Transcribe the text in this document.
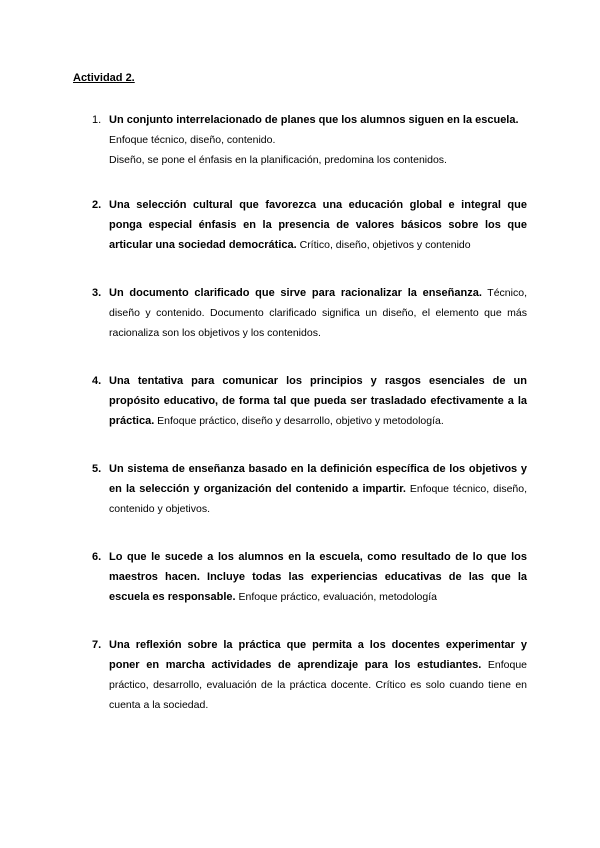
Actividad 2.
1. Un conjunto interrelacionado de planes que los alumnos siguen en la escuela.
Enfoque técnico, diseño, contenido.
Diseño, se pone el énfasis en la planificación, predomina los contenidos.
2. Una selección cultural que favorezca una educación global e integral que ponga especial énfasis en la presencia de valores básicos sobre los que articular una sociedad democrática. Crítico, diseño, objetivos y contenido
3. Un documento clarificado que sirve para racionalizar la enseñanza. Técnico, diseño y contenido. Documento clarificado significa un diseño, el elemento que más racionaliza son los objetivos y los contenidos.
4. Una tentativa para comunicar los principios y rasgos esenciales de un propósito educativo, de forma tal que pueda ser trasladado efectivamente a la práctica. Enfoque práctico, diseño y desarrollo, objetivo y metodología.
5. Un sistema de enseñanza basado en la definición específica de los objetivos y en la selección y organización del contenido a impartir. Enfoque técnico, diseño, contenido y objetivos.
6. Lo que le sucede a los alumnos en la escuela, como resultado de lo que los maestros hacen. Incluye todas las experiencias educativas de las que la escuela es responsable. Enfoque práctico, evaluación, metodología
7. Una reflexión sobre la práctica que permita a los docentes experimentar y poner en marcha actividades de aprendizaje para los estudiantes. Enfoque práctico, desarrollo, evaluación de la práctica docente. Crítico es solo cuando tiene en cuenta a la sociedad.
